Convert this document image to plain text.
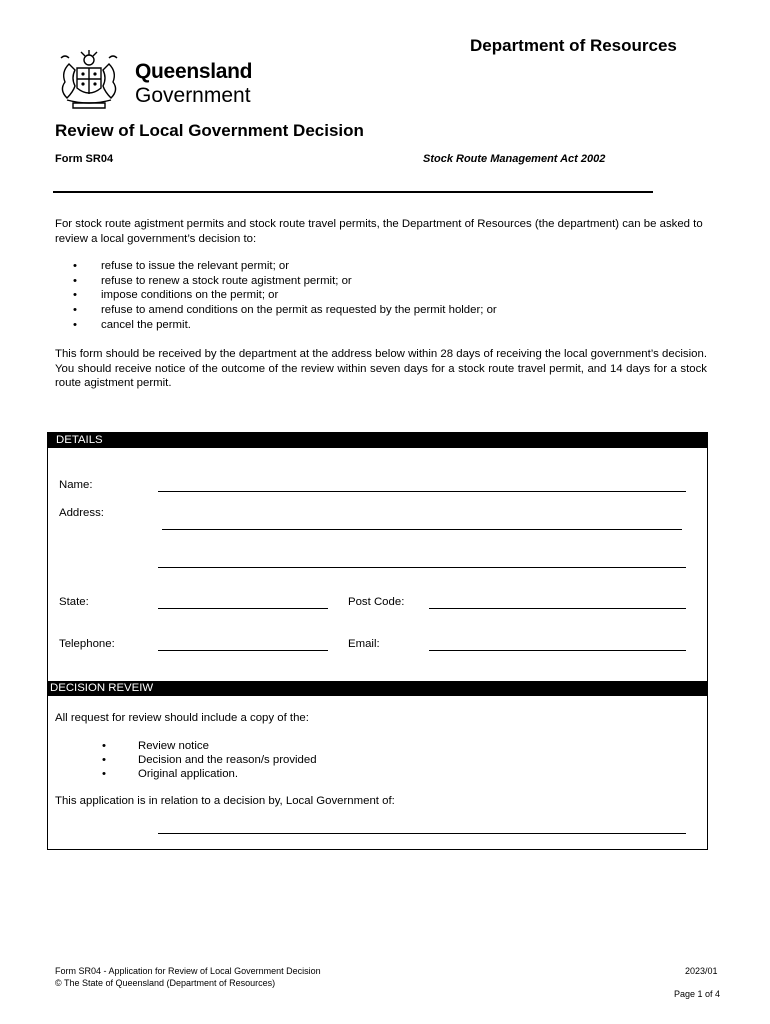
Department of Resources
Queensland
Government
Review of Local Government Decision
Form SR04	Stock Route Management Act 2002
For stock route agistment permits and stock route travel permits, the Department of Resources (the department) can be asked to review a local government’s decision to:
• refuse to issue the relevant permit; or
• refuse to renew a stock route agistment permit; or
• impose conditions on the permit; or
• refuse to amend conditions on the permit as requested by the permit holder; or
• cancel the permit.
This form should be received by the department at the address below within 28 days of receiving the local government’s decision. You should receive notice of the outcome of the review within seven days for a stock route travel permit, and 14 days for a stock route agistment permit.
DETAILS
Name:
Address:
State:	Post Code:
Telephone:	Email:
DECISION REVEIW
All request for review should include a copy of the:
• Review notice
• Decision and the reason/s provided
• Original application.
This application is in relation to a decision by, Local Government of:
Form SR04 - Application for Review of Local Government Decision
© The State of Queensland (Department of Resources)
2023/01
Page 1 of 4
